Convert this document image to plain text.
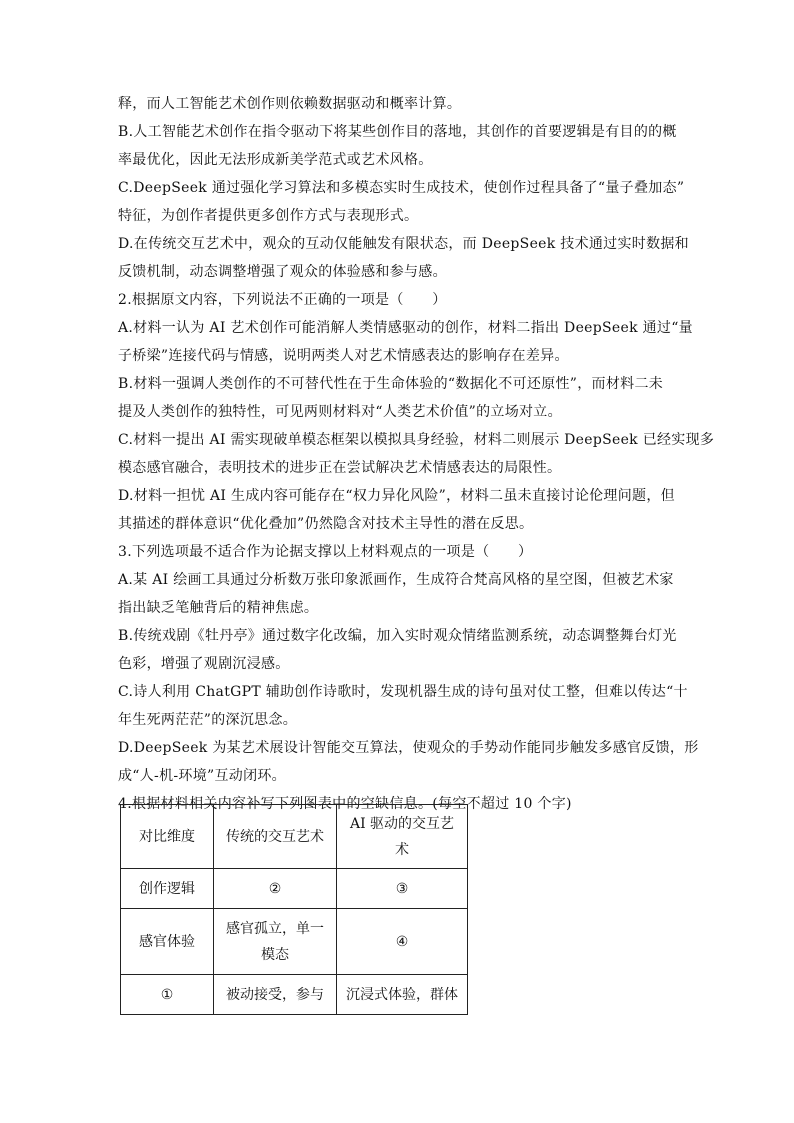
释，而人工智能艺术创作则依赖数据驱动和概率计算。
B.人工智能艺术创作在指令驱动下将某些创作目的落地，其创作的首要逻辑是有目的的概
率最优化，因此无法形成新美学范式或艺术风格。
C.DeepSeek 通过强化学习算法和多模态实时生成技术，使创作过程具备了“量子叠加态”
特征，为创作者提供更多创作方式与表现形式。
D.在传统交互艺术中，观众的互动仅能触发有限状态，而 DeepSeek 技术通过实时数据和
反馈机制，动态调整增强了观众的体验感和参与感。
2.根据原文内容，下列说法不正确的一项是（　　）
A.材料一认为 AI 艺术创作可能消解人类情感驱动的创作，材料二指出 DeepSeek 通过“量
子桥梁”连接代码与情感，说明两类人对艺术情感表达的影响存在差异。
B.材料一强调人类创作的不可替代性在于生命体验的“数据化不可还原性”，而材料二未
提及人类创作的独特性，可见两则材料对“人类艺术价值”的立场对立。
C.材料一提出 AI 需实现破单模态框架以模拟具身经验，材料二则展示 DeepSeek 已经实现多
模态感官融合，表明技术的进步正在尝试解决艺术情感表达的局限性。
D.材料一担忧 AI 生成内容可能存在“权力异化风险”，材料二虽未直接讨论伦理问题，但
其描述的群体意识“优化叠加”仍然隐含对技术主导性的潜在反思。
3.下列选项最不适合作为论据支撑以上材料观点的一项是（　　）
A.某 AI 绘画工具通过分析数万张印象派画作，生成符合梵高风格的星空图，但被艺术家
指出缺乏笔触背后的精神焦虑。
B.传统戏剧《牡丹亭》通过数字化改编，加入实时观众情绪监测系统，动态调整舞台灯光
色彩，增强了观剧沉浸感。
C.诗人利用 ChatGPT 辅助创作诗歌时，发现机器生成的诗句虽对仗工整，但难以传达“十
年生死两茫茫”的深沉思念。
D.DeepSeek 为某艺术展设计智能交互算法，使观众的手势动作能同步触发多感官反馈，形
成“人-机-环境”互动闭环。
4.根据材料相关内容补写下列图表中的空缺信息。(每空不超过 10 个字)
对比维度	传统的交互艺术	AI 驱动的交互艺术
创作逻辑	②	③
感官体验	感官孤立，单一模态	④
①	被动接受，参与	沉浸式体验，群体
